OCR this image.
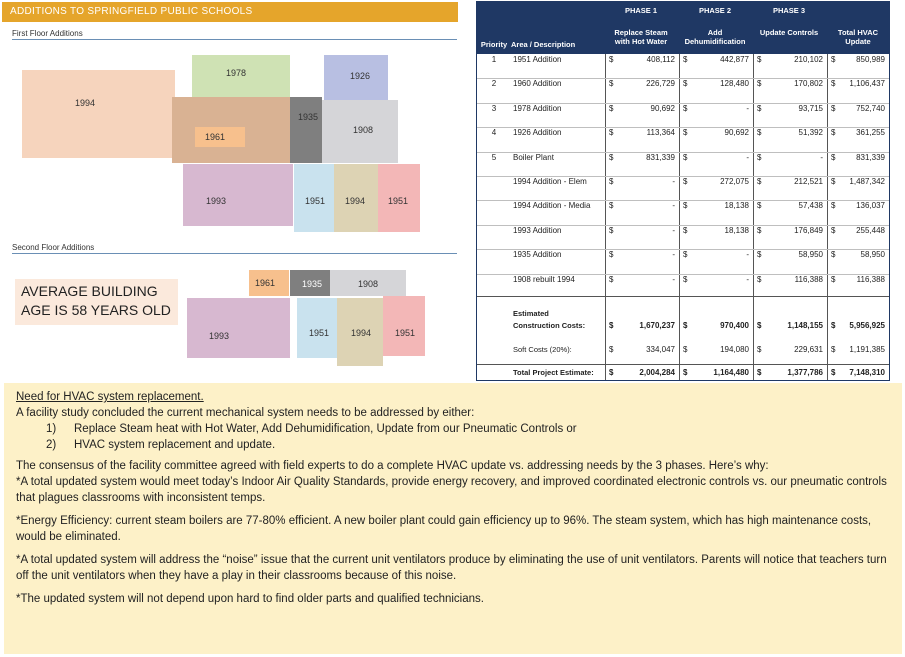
ADDITIONS TO SPRINGFIELD PUBLIC SCHOOLS
First Floor Additions
1994
1978	1926
1961
1935
1908
1993	1951 1994	1951
Second Floor Additions
AVERAGE BUILDING AGE IS 58 YEARS OLD
1961	1935	1908
1993	1951 1994	1951
PHASE 1	PHASE 2	PHASE 3
Priority Area / Description
Replace Steam with Hot Water
Add Dehumidification
Update Controls	Total HVAC Update
1	1951 Addition	$	408,112 $	442,877 $	210,102 $	850,989
2	1960 Addition	$	226,729 $	128,480 $	170,802 $	1,106,437
3	1978 Addition	$	90,692 $	- $	93,715 $	752,740
4	1926 Addition	$	113,364 $	90,692 $	51,392 $	361,255
5	Boiler Plant	$	831,339 $	- $	- $	831,339
1994 Addition - Elem	$	- $	272,075 $	212,521 $	1,487,342
1994 Addition - Media	$	- $	18,138 $	57,438 $	136,037
1993 Addition	$	- $	18,138 $	176,849 $	255,448
1935 Addition	$	- $	- $	58,950 $	58,950
1908 rebuilt 1994	$	- $	- $	116,388 $	116,388
Estimated
Construction Costs:	$	1,670,237 $	970,400 $	1,148,155 $	5,956,925
Soft Costs (20%):	$	334,047 $	194,080 $	229,631 $	1,191,385
Total Project Estimate: $	2,004,284 $	1,164,480 $	1,377,786 $	7,148,310

Need for HVAC system replacement.

A facility study concluded the current mechanical system needs to be addressed by either:

1) Replace Steam heat with Hot Water, Add Dehumidification, Update from our Pneumatic Controls or

2) HVAC system replacement and update.

The consensus of the facility committee agreed with field experts to do a complete HVAC update vs. addressing needs by the 3 phases. Here’s why:

*A total updated system would meet today’s Indoor Air Quality Standards, provide energy recovery, and improved coordinated electronic controls vs. our pneumatic controls that plagues classrooms with inconsistent temps.

*Energy Efficiency: current steam boilers are 77-80% efficient. A new boiler plant could gain efficiency up to 96%. The steam system, which has high maintenance costs, would be eliminated.

*A total updated system will address the “noise” issue that the current unit ventilators produce by eliminating the use of unit ventilators. Parents will notice that teachers turn off the unit ventilators when they have a play in their classrooms because of this noise.

*The updated system will not depend upon hard to find older parts and qualified technicians.
